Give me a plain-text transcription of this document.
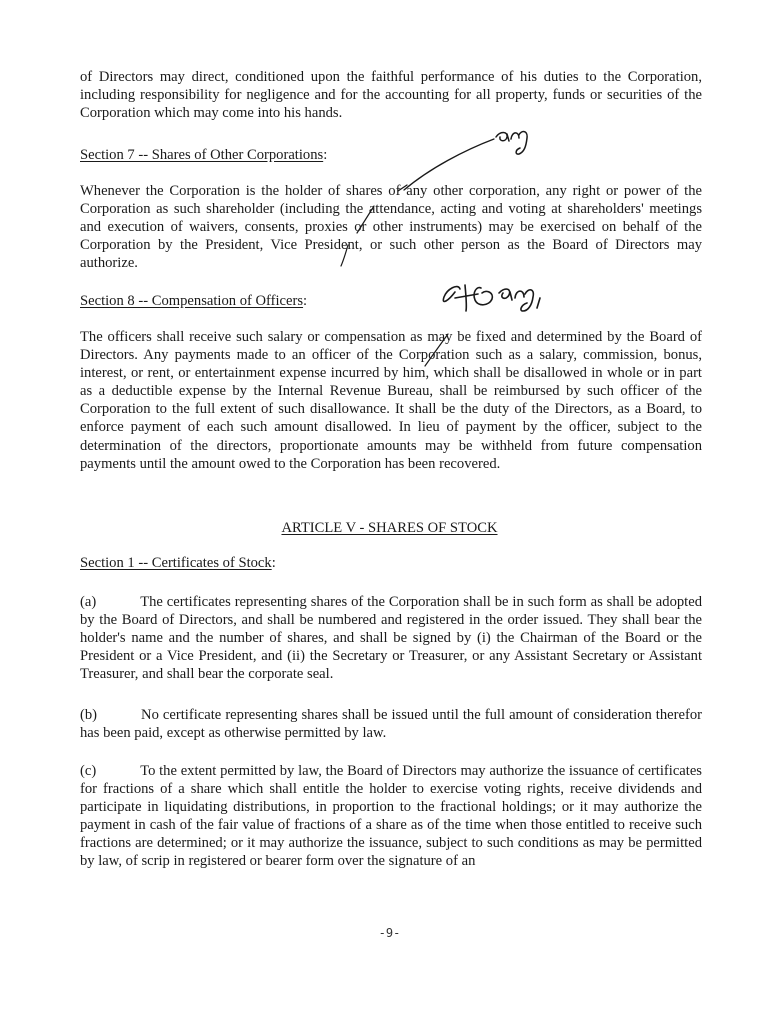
of Directors may direct, conditioned upon the faithful performance of his duties to the Corporation, including responsibility for negligence and for the accounting for all property, funds or securities of the Corporation which may come into his hands.

Section 7 -- Shares of Other Corporations:

Whenever the Corporation is the holder of shares of any other corporation, any right or power of the Corporation as such shareholder (including the attendance, acting and voting at shareholders' meetings and execution of waivers, consents, proxies or other instruments) may be exercised on behalf of the Corporation by the President, Vice President, or such other person as the Board of Directors may authorize.

Section 8 -- Compensation of Officers:

The officers shall receive such salary or compensation as may be fixed and determined by the Board of Directors. Any payments made to an officer of the Corporation such as a salary, commission, bonus, interest, or rent, or entertainment expense incurred by him, which shall be disallowed in whole or in part as a deductible expense by the Internal Revenue Bureau, shall be reimbursed by such officer of the Corporation to the full extent of such disallowance. It shall be the duty of the Directors, as a Board, to enforce payment of each such amount disallowed. In lieu of payment by the officer, subject to the determination of the directors, proportionate amounts may be withheld from future compensation payments until the amount owed to the Corporation has been recovered.

ARTICLE V - SHARES OF STOCK

Section 1 -- Certificates of Stock:

(a)	The certificates representing shares of the Corporation shall be in such form as shall be adopted by the Board of Directors, and shall be numbered and registered in the order issued. They shall bear the holder's name and the number of shares, and shall be signed by (i) the Chairman of the Board or the President or a Vice President, and (ii) the Secretary or Treasurer, or any Assistant Secretary or Assistant Treasurer, and shall bear the corporate seal.

(b)	No certificate representing shares shall be issued until the full amount of consideration therefor has been paid, except as otherwise permitted by law.

(c)	To the extent permitted by law, the Board of Directors may authorize the issuance of certificates for fractions of a share which shall entitle the holder to exercise voting rights, receive dividends and participate in liquidating distributions, in proportion to the fractional holdings; or it may authorize the payment in cash of the fair value of fractions of a share as of the time when those entitled to receive such fractions are determined; or it may authorize the issuance, subject to such conditions as may be permitted by law, of scrip in registered or bearer form over the signature of an

-9-
